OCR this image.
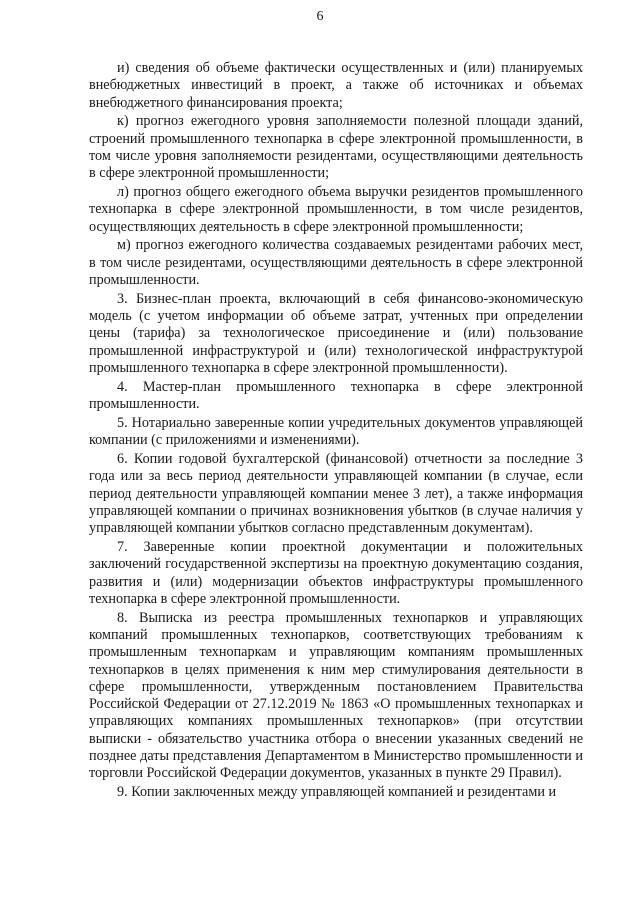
6

и) сведения об объеме фактически осуществленных и (или) планируемых внебюджетных инвестиций в проект, а также об источниках и объемах внебюджетного финансирования проекта;

к) прогноз ежегодного уровня заполняемости полезной площади зданий, строений промышленного технопарка в сфере электронной промышленности, в том числе уровня заполняемости резидентами, осуществляющими деятельность в сфере электронной промышленности;

л) прогноз общего ежегодного объема выручки резидентов промышленного технопарка в сфере электронной промышленности, в том числе резидентов, осуществляющих деятельность в сфере электронной промышленности;

м) прогноз ежегодного количества создаваемых резидентами рабочих мест, в том числе резидентами, осуществляющими деятельность в сфере электронной промышленности.

3. Бизнес-план проекта, включающий в себя финансово-экономическую модель (с учетом информации об объеме затрат, учтенных при определении цены (тарифа) за технологическое присоединение и (или) пользование промышленной инфраструктурой и (или) технологической инфраструктурой промышленного технопарка в сфере электронной промышленности).

4. Мастер-план промышленного технопарка в сфере электронной промышленности.

5. Нотариально заверенные копии учредительных документов управляющей компании (с приложениями и изменениями).

6. Копии годовой бухгалтерской (финансовой) отчетности за последние 3 года или за весь период деятельности управляющей компании (в случае, если период деятельности управляющей компании менее 3 лет), а также информация управляющей компании о причинах возникновения убытков (в случае наличия у управляющей компании убытков согласно представленным документам).

7. Заверенные копии проектной документации и положительных заключений государственной экспертизы на проектную документацию создания, развития и (или) модернизации объектов инфраструктуры промышленного технопарка в сфере электронной промышленности.

8. Выписка из реестра промышленных технопарков и управляющих компаний промышленных технопарков, соответствующих требованиям к промышленным технопаркам и управляющим компаниям промышленных технопарков в целях применения к ним мер стимулирования деятельности в сфере промышленности, утвержденным постановлением Правительства Российской Федерации от 27.12.2019 № 1863 «О промышленных технопарках и управляющих компаниях промышленных технопарков» (при отсутствии выписки - обязательство участника отбора о внесении указанных сведений не позднее даты представления Департаментом в Министерство промышленности и торговли Российской Федерации документов, указанных в пункте 29 Правил).

9. Копии заключенных между управляющей компанией и резидентами и
